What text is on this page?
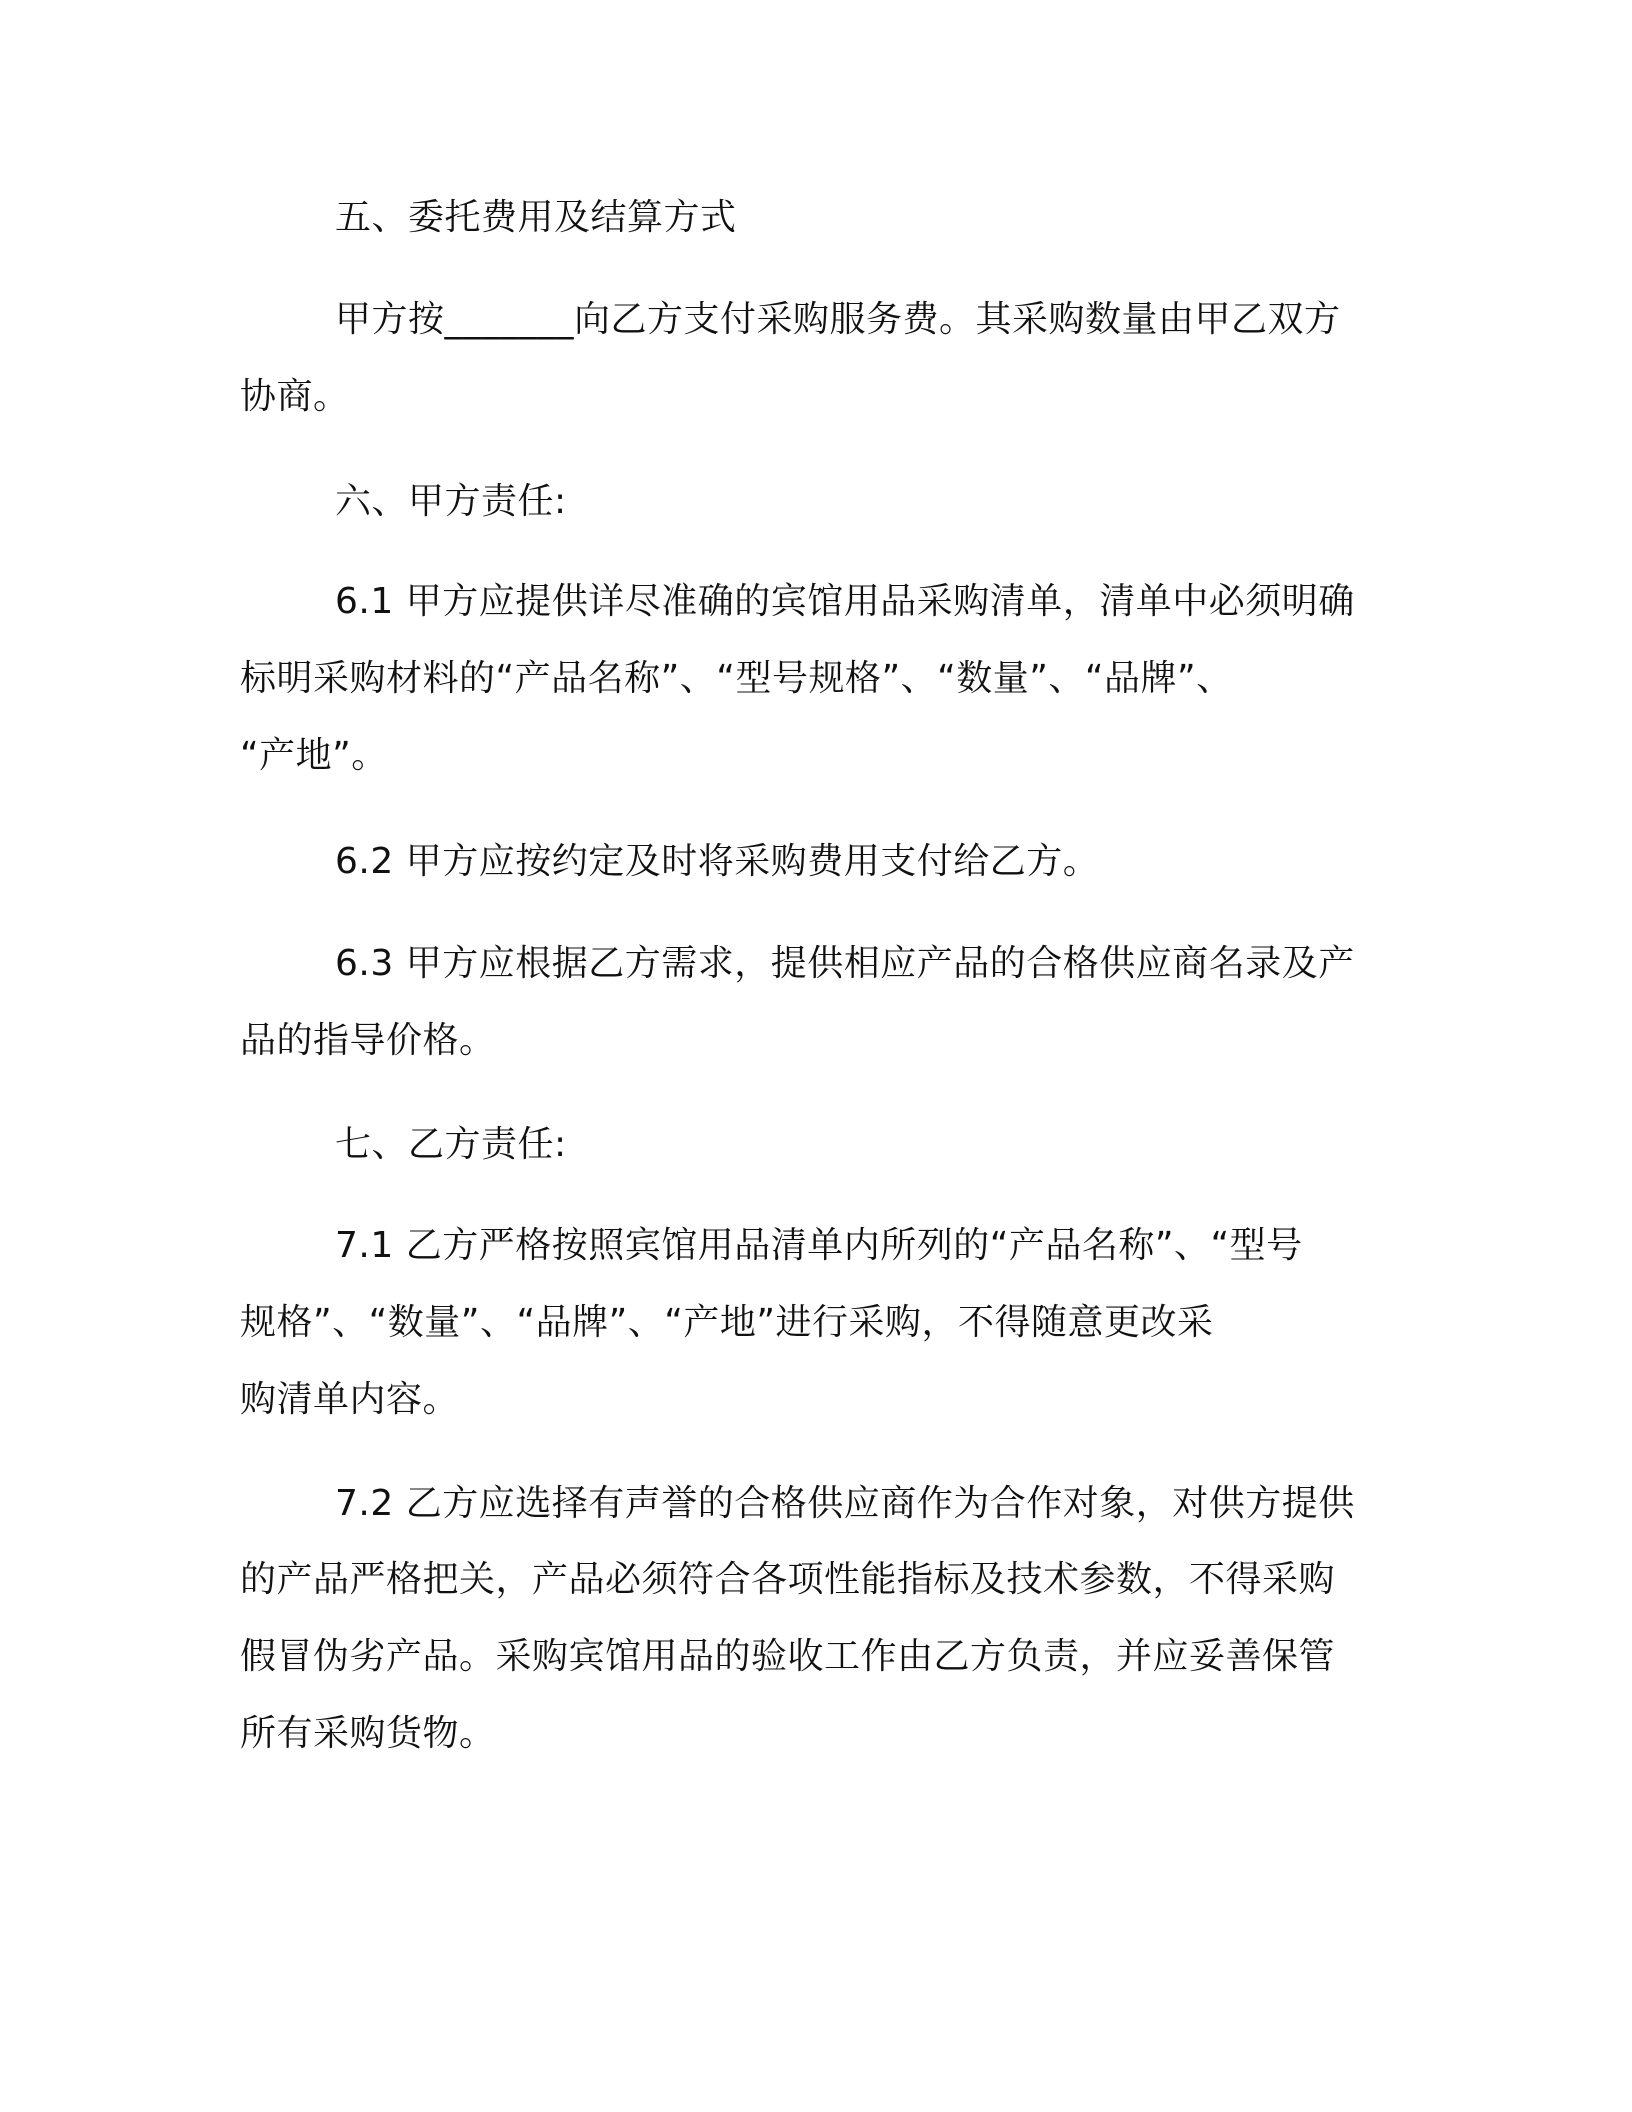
五、委托费用及结算方式
甲方按_______向乙方支付采购服务费。其采购数量由甲乙双方
协商。
六、甲方责任:
6.1 甲方应提供详尽准确的宾馆用品采购清单，清单中必须明确
标明采购材料的“产品名称”、“型号规格”、“数量”、“品牌”、
“产地”。
6.2 甲方应按约定及时将采购费用支付给乙方。
6.3 甲方应根据乙方需求，提供相应产品的合格供应商名录及产
品的指导价格。
七、乙方责任:
7.1 乙方严格按照宾馆用品清单内所列的“产品名称”、“型号
规格”、“数量”、“品牌”、“产地”进行采购，不得随意更改采
购清单内容。
7.2 乙方应选择有声誉的合格供应商作为合作对象，对供方提供
的产品严格把关，产品必须符合各项性能指标及技术参数，不得采购
假冒伪劣产品。采购宾馆用品的验收工作由乙方负责，并应妥善保管
所有采购货物。
